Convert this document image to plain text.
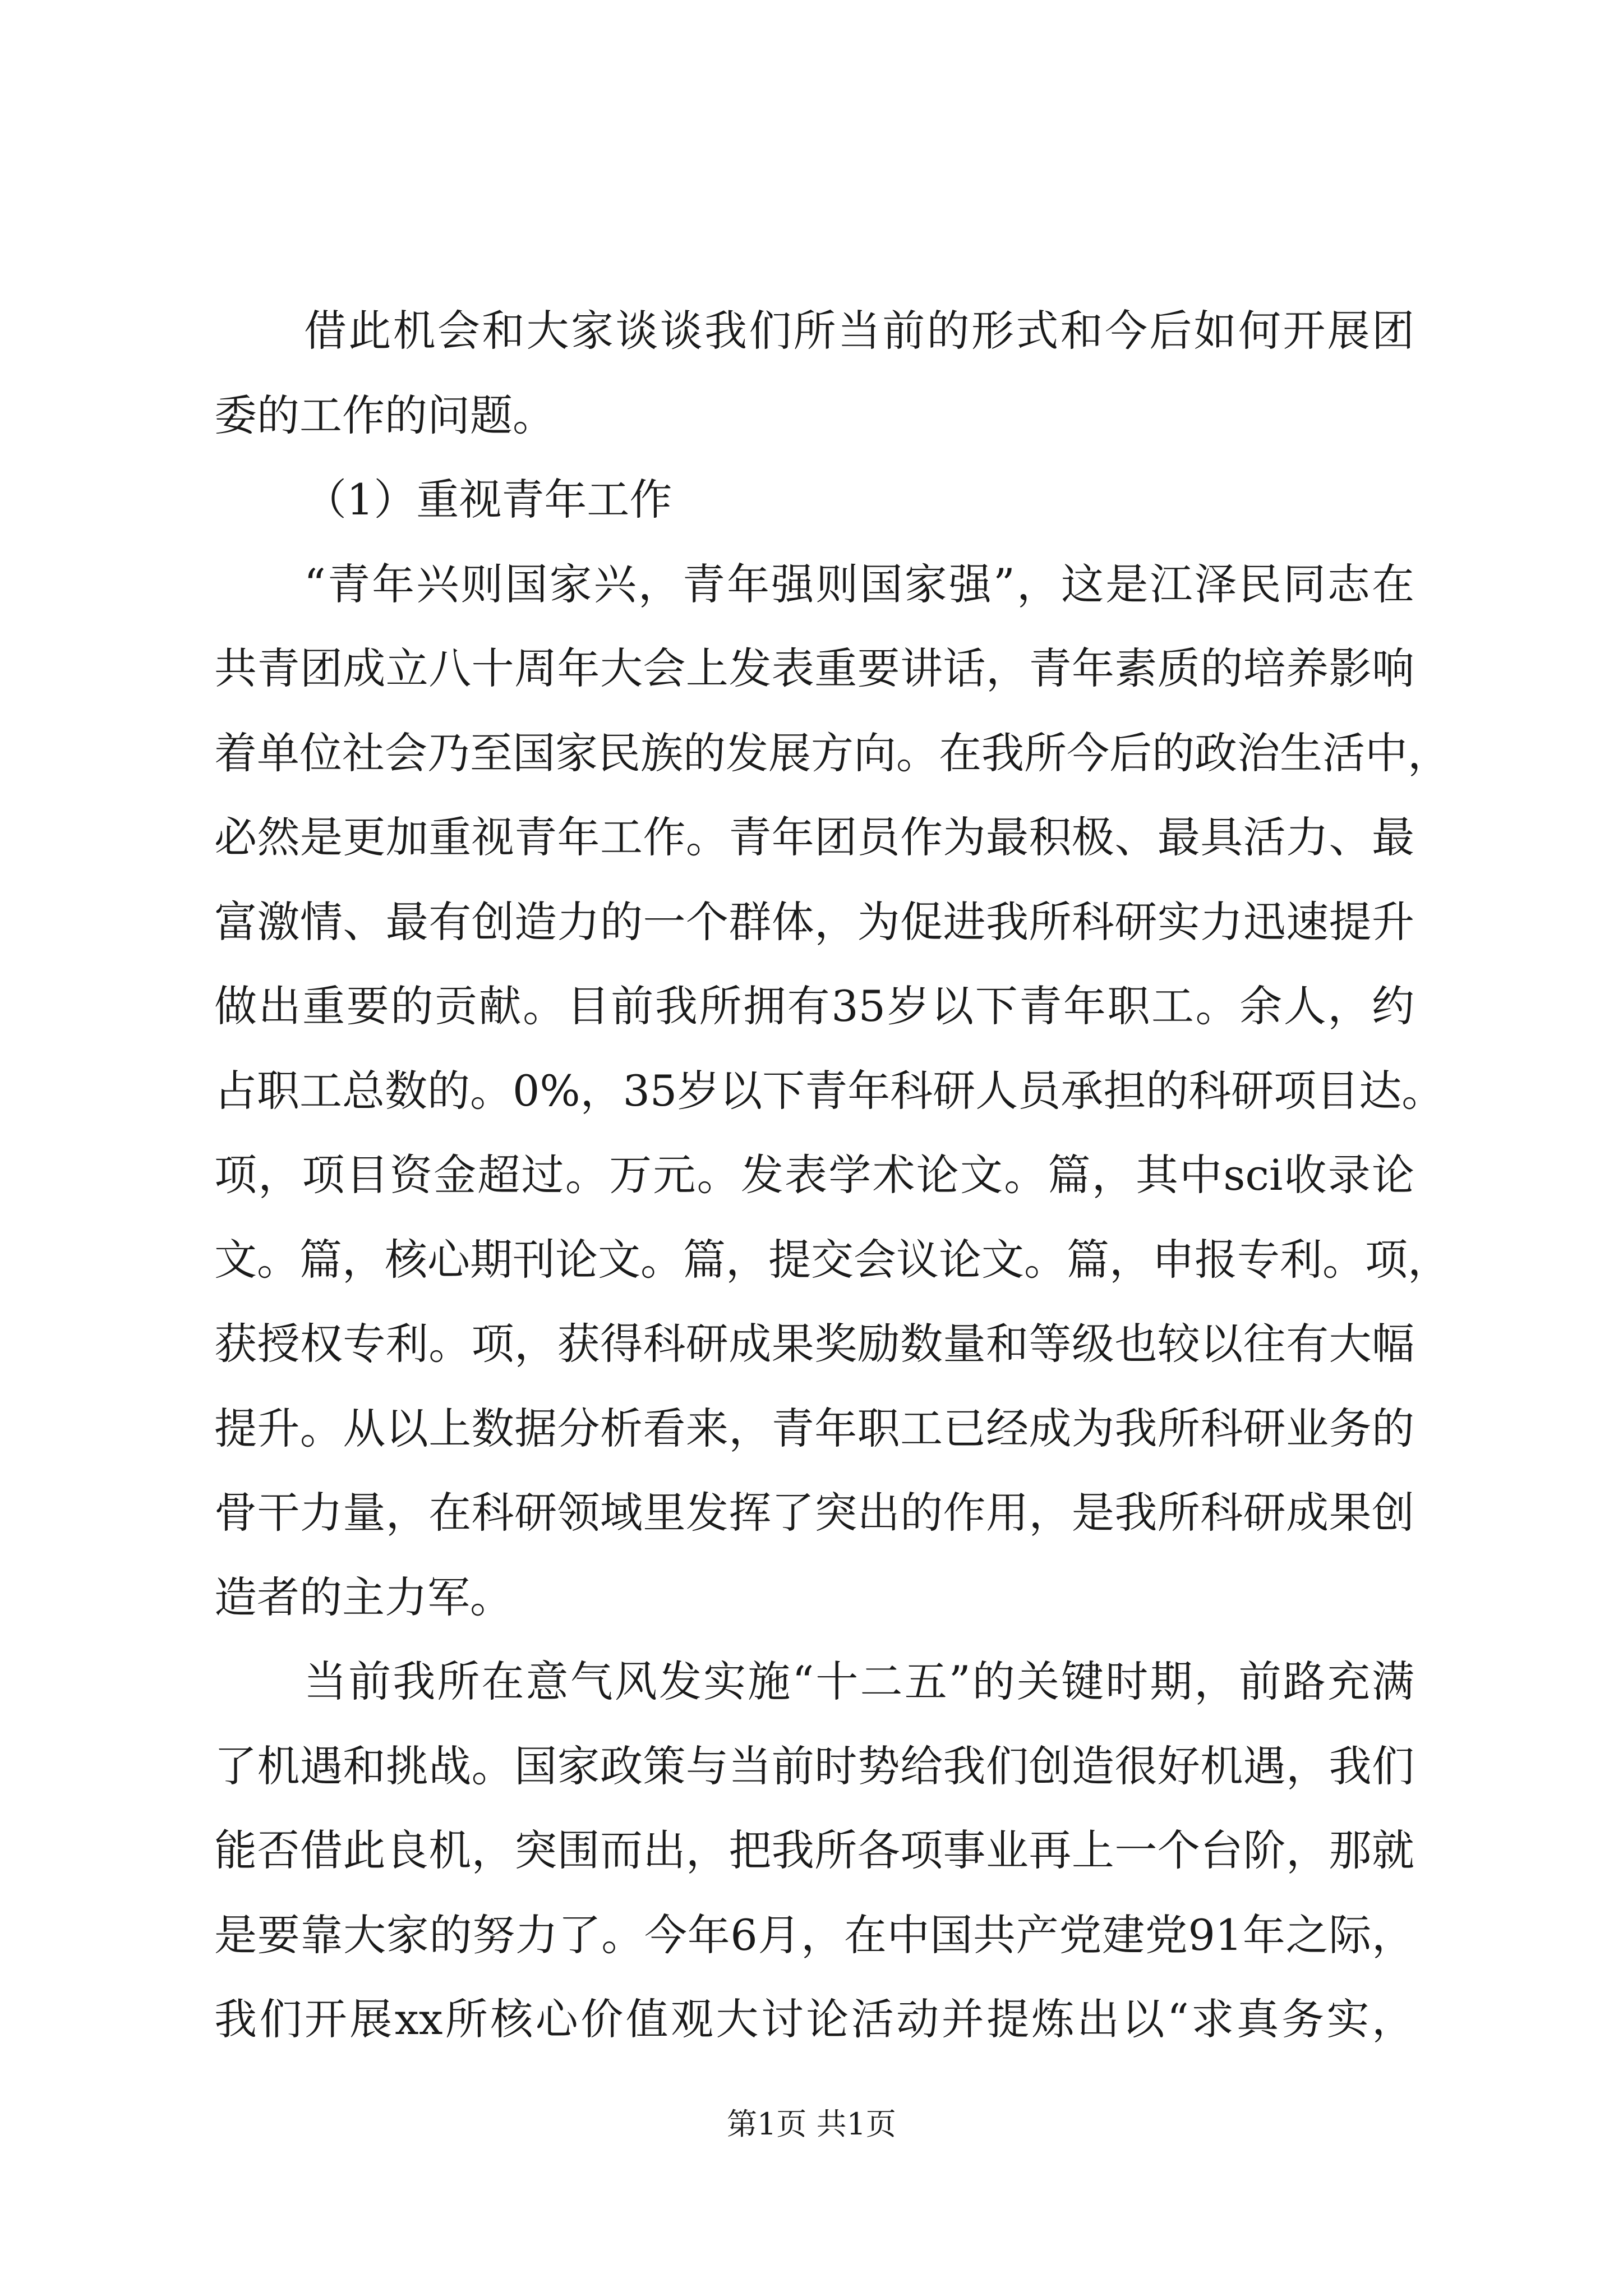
借此机会和大家谈谈我们所当前的形式和今后如何开展团
委的工作的问题。
（1）重视青年工作
“青年兴则国家兴，青年强则国家强”，这是江泽民同志在
共青团成立八十周年大会上发表重要讲话，青年素质的培养影响
着单位社会乃至国家民族的发展方向。在我所今后的政治生活中，
必然是更加重视青年工作。青年团员作为最积极、最具活力、最
富激情、最有创造力的一个群体，为促进我所科研实力迅速提升
做出重要的贡献。目前我所拥有35岁以下青年职工。余人，约
占职工总数的。0%，35岁以下青年科研人员承担的科研项目达。
项，项目资金超过。万元。发表学术论文。篇，其中sci收录论
文。篇，核心期刊论文。篇，提交会议论文。篇，申报专利。项，
获授权专利。项，获得科研成果奖励数量和等级也较以往有大幅
提升。从以上数据分析看来，青年职工已经成为我所科研业务的
骨干力量，在科研领域里发挥了突出的作用，是我所科研成果创
造者的主力军。
当前我所在意气风发实施“十二五”的关键时期，前路充满
了机遇和挑战。国家政策与当前时势给我们创造很好机遇，我们
能否借此良机，突围而出，把我所各项事业再上一个台阶，那就
是要靠大家的努力了。今年6月，在中国共产党建党91年之际，
我们开展xx所核心价值观大讨论活动并提炼出以“求真务实，
第1页 共1页
